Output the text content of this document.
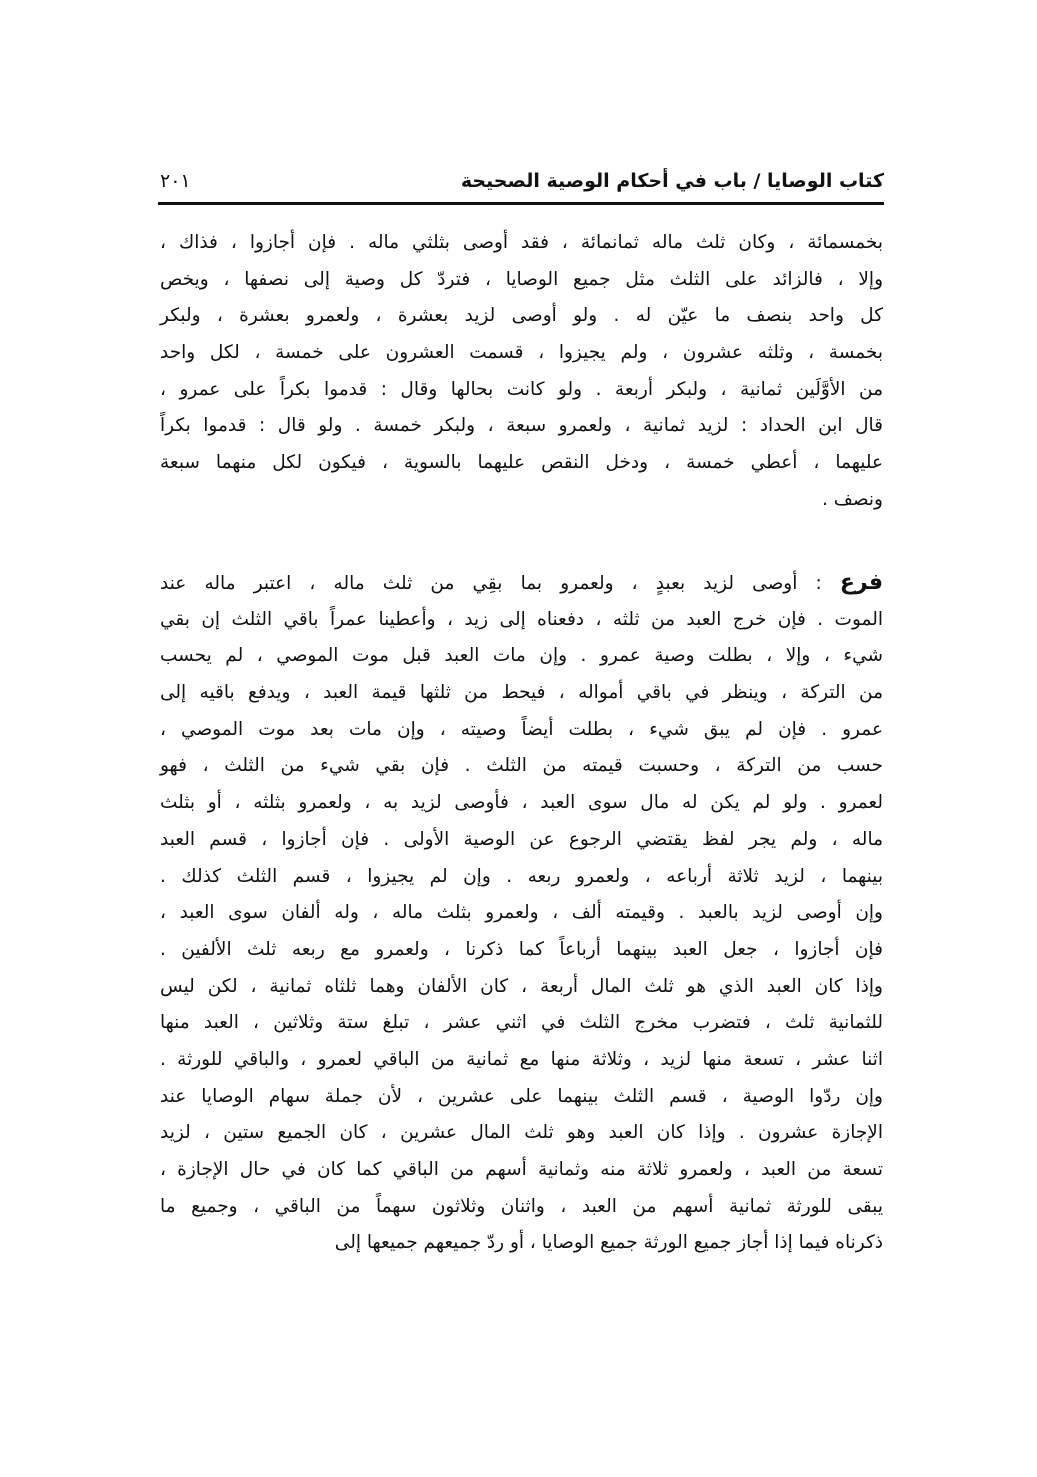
كتاب الوصايا / باب في أحكام الوصية الصحيحة
٢٠١
بخمسمائة ، وكان ثلث ماله ثمانمائة ، فقد أوصى بثلثي ماله . فإن أجازوا ، فذاك ،
وإلا ، فالزائد على الثلث مثل جميع الوصايا ، فتردّ كل وصية إلى نصفها ، ويخص
كل واحد بنصف ما عيّن له . ولو أوصى لزيد بعشرة ، ولعمرو بعشرة ، ولبكر
بخمسة ، وثلثه عشرون ، ولم يجيزوا ، قسمت العشرون على خمسة ، لكل واحد
من الأوَّلَين ثمانية ، ولبكر أربعة . ولو كانت بحالها وقال : قدموا بكراً على عمرو ،
قال ابن الحداد : لزيد ثمانية ، ولعمرو سبعة ، ولبكر خمسة . ولو قال : قدموا بكراً
عليهما ، أعطي خمسة ، ودخل النقص عليهما بالسوية ، فيكون لكل منهما سبعة
ونصف .
فرع : أوصى لزيد بعبدٍ ، ولعمرو بما بقِي من ثلث ماله ، اعتبر ماله عند
الموت . فإن خرج العبد من ثلثه ، دفعناه إلى زيد ، وأعطينا عمراً باقي الثلث إن بقي
شيء ، وإلا ، بطلت وصية عمرو . وإن مات العبد قبل موت الموصي ، لم يحسب
من التركة ، وينظر في باقي أمواله ، فيحط من ثلثها قيمة العبد ، ويدفع باقيه إلى
عمرو . فإن لم يبق شيء ، بطلت أيضاً وصيته ، وإن مات بعد موت الموصي ،
حسب من التركة ، وحسبت قيمته من الثلث . فإن بقي شيء من الثلث ، فهو
لعمرو . ولو لم يكن له مال سوى العبد ، فأوصى لزيد به ، ولعمرو بثلثه ، أو بثلث
ماله ، ولم يجر لفظ يقتضي الرجوع عن الوصية الأولى . فإن أجازوا ، قسم العبد
بينهما ، لزيد ثلاثة أرباعه ، ولعمرو ربعه . وإن لم يجيزوا ، قسم الثلث كذلك .
وإن أوصى لزيد بالعبد . وقيمته ألف ، ولعمرو بثلث ماله ، وله ألفان سوى العبد ،
فإن أجازوا ، جعل العبد بينهما أرباعاً كما ذكرنا ، ولعمرو مع ربعه ثلث الألفين .
وإذا كان العبد الذي هو ثلث المال أربعة ، كان الألفان وهما ثلثاه ثمانية ، لكن ليس
للثمانية ثلث ، فتضرب مخرج الثلث في اثني عشر ، تبلغ ستة وثلاثين ، العبد منها
اثنا عشر ، تسعة منها لزيد ، وثلاثة منها مع ثمانية من الباقي لعمرو ، والباقي للورثة .
وإن ردّوا الوصية ، قسم الثلث بينهما على عشرين ، لأن جملة سهام الوصايا عند
الإجازة عشرون . وإذا كان العبد وهو ثلث المال عشرين ، كان الجميع ستين ، لزيد
تسعة من العبد ، ولعمرو ثلاثة منه وثمانية أسهم من الباقي كما كان في حال الإجازة ،
يبقى للورثة ثمانية أسهم من العبد ، واثنان وثلاثون سهماً من الباقي ، وجميع ما
ذكرناه فيما إذا أجاز جميع الورثة جميع الوصايا ، أو ردّ جميعهم جميعها إلى
